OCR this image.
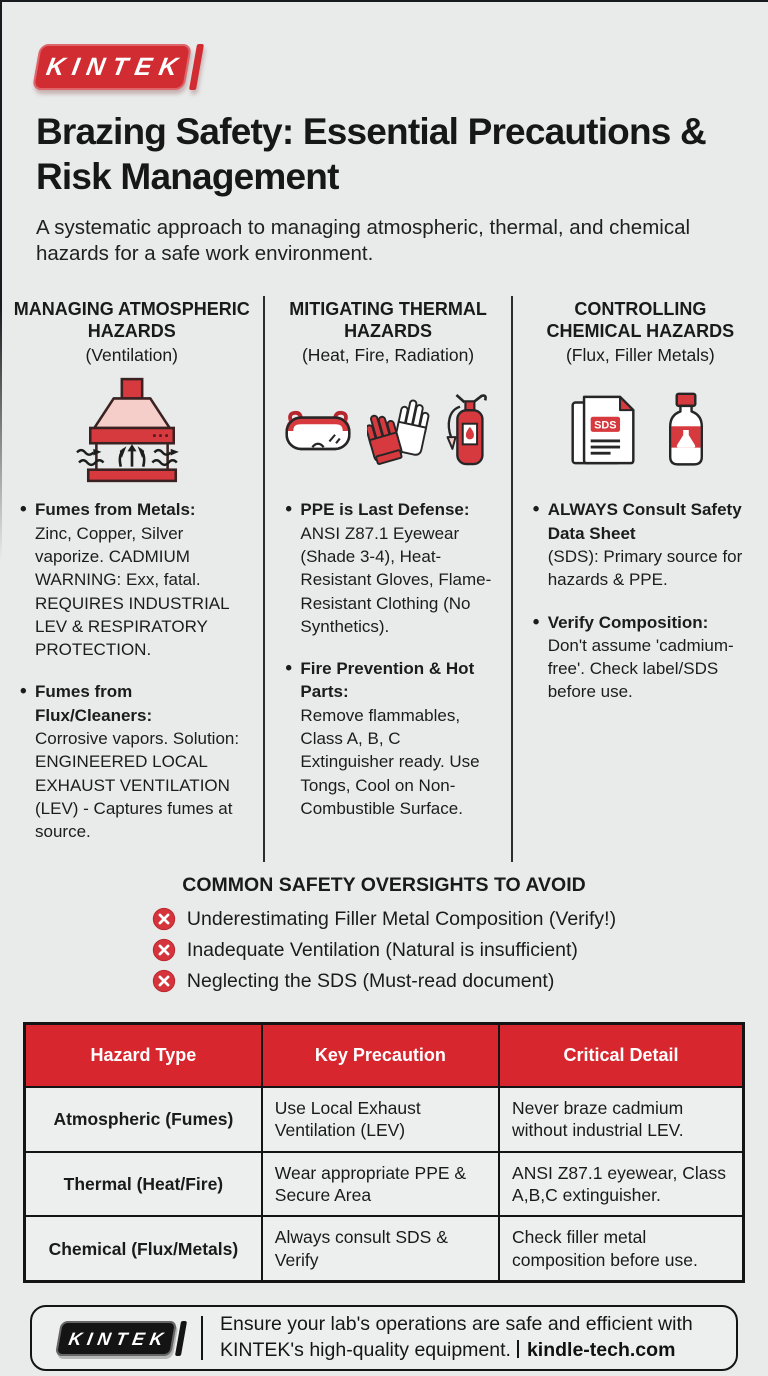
KINTEK
Brazing Safety: Essential Precautions & Risk Management

A systematic approach to managing atmospheric, thermal, and chemical hazards for a safe work environment.

MANAGING ATMOSPHERIC HAZARDS
(Ventilation)
• Fumes from Metals:
Zinc, Copper, Silver vaporize. CADMIUM WARNING: Exx, fatal. REQUIRES INDUSTRIAL LEV & RESPIRATORY PROTECTION.
• Fumes from Flux/Cleaners:
Corrosive vapors. Solution: ENGINEERED LOCAL EXHAUST VENTILATION (LEV) - Captures fumes at source.
MITIGATING THERMAL HAZARDS
(Heat, Fire, Radiation)
• PPE is Last Defense:
ANSI Z87.1 Eyewear (Shade 3-4), Heat-Resistant Gloves, Flame-Resistant Clothing (No Synthetics).
• Fire Prevention & Hot Parts:
Remove flammables, Class A, B, C Extinguisher ready. Use Tongs, Cool on Non-Combustible Surface.
CONTROLLING CHEMICAL HAZARDS
(Flux, Filler Metals)
SDS
• ALWAYS Consult Safety Data Sheet
(SDS): Primary source for hazards & PPE.
• Verify Composition:
Don't assume 'cadmium-free'. Check label/SDS before use.
COMMON SAFETY OVERSIGHTS TO AVOID
Underestimating Filler Metal Composition (Verify!)
Inadequate Ventilation (Natural is insufficient)
Neglecting the SDS (Must-read document)
Hazard Type	Key Precaution	Critical Detail
Atmospheric (Fumes)	Use Local Exhaust Ventilation (LEV)	Never braze cadmium without industrial LEV.
Thermal (Heat/Fire)	Wear appropriate PPE & Secure Area	ANSI Z87.1 eyewear, Class A,B,C extinguisher.
Chemical (Flux/Metals)	Always consult SDS & Verify	Check filler metal composition before use.
KINTEK
Ensure your lab's operations are safe and efficient with KINTEK's high-quality equipment. kindle-tech.com
